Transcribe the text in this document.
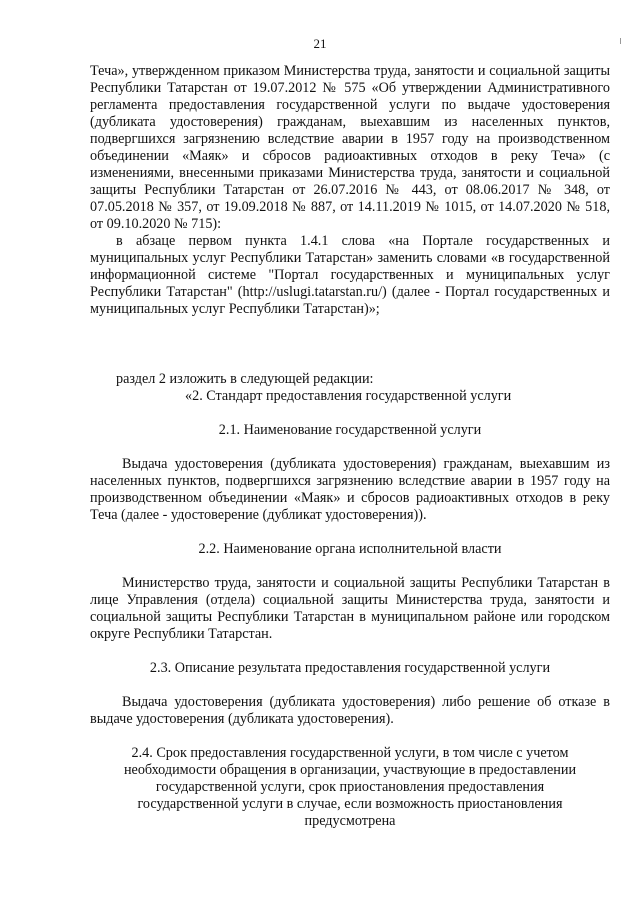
21

Теча», утвержденном приказом Министерства труда, занятости и социальной защиты Республики Татарстан от 19.07.2012 № 575 «Об утверждении Административного регламента предоставления государственной услуги по выдаче удостоверения (дубликата удостоверения) гражданам, выехавшим из населенных пунктов, подвергшихся загрязнению вследствие аварии в 1957 году на производственном объединении «Маяк» и сбросов радиоактивных отходов в реку Теча» (с изменениями, внесенными приказами Министерства труда, занятости и социальной защиты Республики Татарстан от 26.07.2016 № 443, от 08.06.2017 № 348, от 07.05.2018 № 357, от 19.09.2018 № 887, от 14.11.2019 № 1015, от 14.07.2020 № 518, от 09.10.2020 № 715):

в абзаце первом пункта 1.4.1 слова «на Портале государственных и муниципальных услуг Республики Татарстан» заменить словами «в государственной информационной системе "Портал государственных и муниципальных услуг Республики Татарстан" (http://uslugi.tatarstan.ru/) (далее - Портал государственных и муниципальных услуг Республики Татарстан)»;

раздел 2 изложить в следующей редакции:

«2. Стандарт предоставления государственной услуги

2.1. Наименование государственной услуги

Выдача удостоверения (дубликата удостоверения) гражданам, выехавшим из населенных пунктов, подвергшихся загрязнению вследствие аварии в 1957 году на производственном объединении «Маяк» и сбросов радиоактивных отходов в реку Теча (далее - удостоверение (дубликат удостоверения)).

2.2. Наименование органа исполнительной власти

Министерство труда, занятости и социальной защиты Республики Татарстан в лице Управления (отдела) социальной защиты Министерства труда, занятости и социальной защиты Республики Татарстан в муниципальном районе или городском округе Республики Татарстан.

2.3. Описание результата предоставления государственной услуги

Выдача удостоверения (дубликата удостоверения) либо решение об отказе в выдаче удостоверения (дубликата удостоверения).

2.4. Срок предоставления государственной услуги, в том числе с учетом необходимости обращения в организации, участвующие в предоставлении государственной услуги, срок приостановления предоставления государственной услуги в случае, если возможность приостановления предусмотрена
